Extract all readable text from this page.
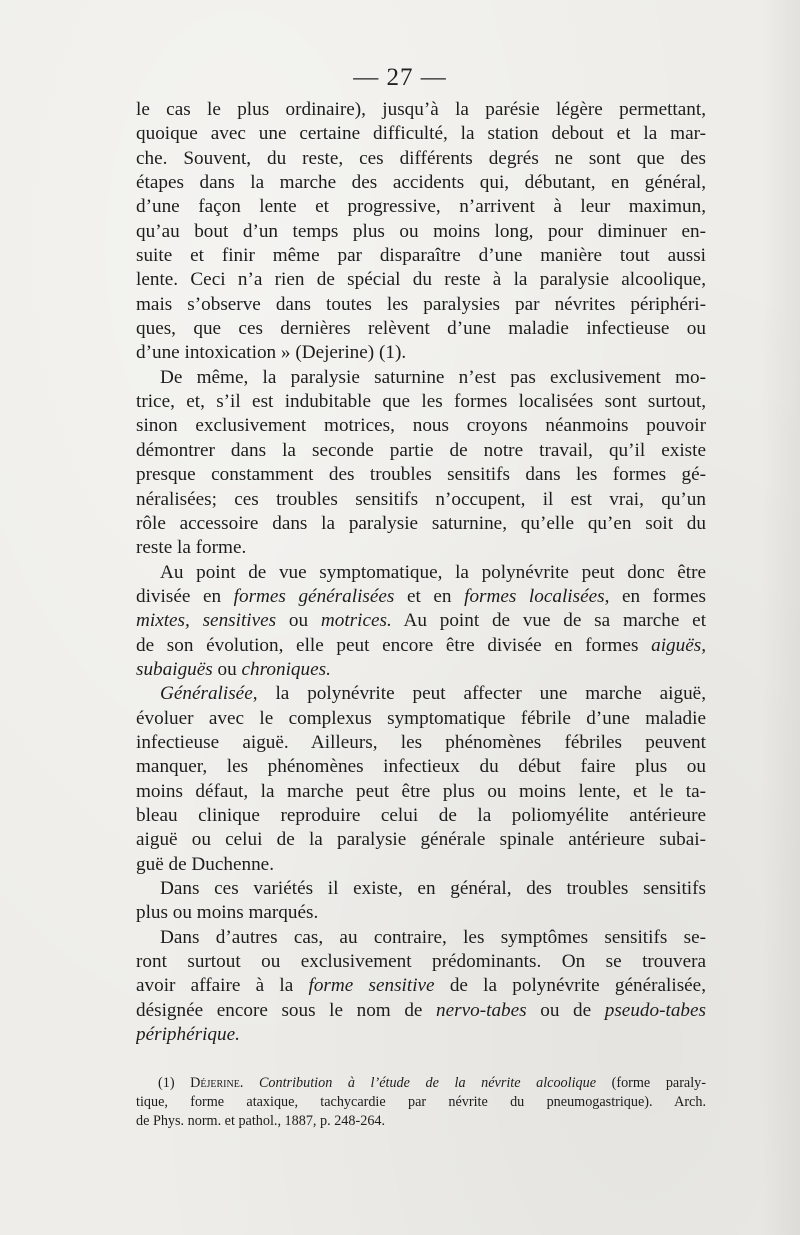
— 27 —
le cas le plus ordinaire), jusqu’à la parésie légère permettant,
quoique avec une certaine difficulté, la station debout et la mar-
che. Souvent, du reste, ces différents degrés ne sont que des
étapes dans la marche des accidents qui, débutant, en général,
d’une façon lente et progressive, n’arrivent à leur maximun,
qu’au bout d’un temps plus ou moins long, pour diminuer en-
suite et finir même par disparaître d’une manière tout aussi
lente. Ceci n’a rien de spécial du reste à la paralysie alcoolique,
mais s’observe dans toutes les paralysies par névrites périphéri-
ques, que ces dernières relèvent d’une maladie infectieuse ou
d’une intoxication » (Dejerine) (1).
De même, la paralysie saturnine n’est pas exclusivement mo-
trice, et, s’il est indubitable que les formes localisées sont surtout,
sinon exclusivement motrices, nous croyons néanmoins pouvoir
démontrer dans la seconde partie de notre travail, qu’il existe
presque constamment des troubles sensitifs dans les formes gé-
néralisées; ces troubles sensitifs n’occupent, il est vrai, qu’un
rôle accessoire dans la paralysie saturnine, qu’elle qu’en soit du
reste la forme.
Au point de vue symptomatique, la polynévrite peut donc être
divisée en formes généralisées et en formes localisées, en formes
mixtes, sensitives ou motrices. Au point de vue de sa marche et
de son évolution, elle peut encore être divisée en formes aiguës,
subaiguës ou chroniques.
Généralisée, la polynévrite peut affecter une marche aiguë,
évoluer avec le complexus symptomatique fébrile d’une maladie
infectieuse aiguë. Ailleurs, les phénomènes fébriles peuvent
manquer, les phénomènes infectieux du début faire plus ou
moins défaut, la marche peut être plus ou moins lente, et le ta-
bleau clinique reproduire celui de la poliomyélite antérieure
aiguë ou celui de la paralysie générale spinale antérieure subai-
guë de Duchenne.
Dans ces variétés il existe, en général, des troubles sensitifs
plus ou moins marqués.
Dans d’autres cas, au contraire, les symptômes sensitifs se-
ront surtout ou exclusivement prédominants. On se trouvera
avoir affaire à la forme sensitive de la polynévrite généralisée,
désignée encore sous le nom de nervo-tabes ou de pseudo-tabes
périphérique.
(1) Déjerine. Contribution à l’étude de la névrite alcoolique (forme paraly-
tique, forme ataxique, tachycardie par névrite du pneumogastrique). Arch.
de Phys. norm. et pathol., 1887, p. 248-264.
